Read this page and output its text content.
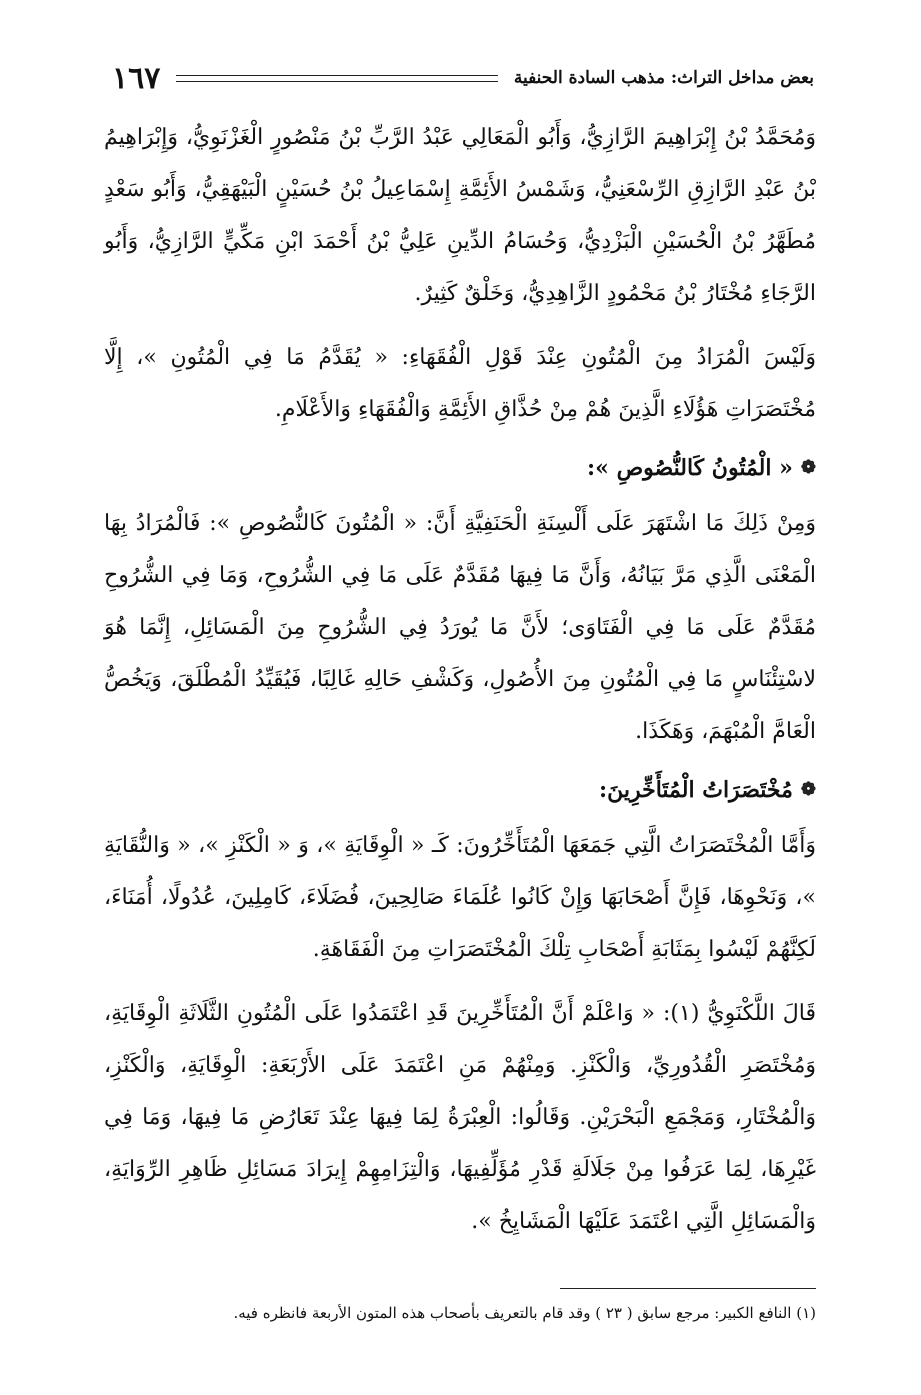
بعض مداخل التراث: مذهب السادة الحنفية
١٦٧

وَمُحَمَّدُ بْنُ إِبْرَاهِيمَ الرَّازِيُّ، وَأَبُو الْمَعَالِي عَبْدُ الرَّبِّ بْنُ مَنْصُورٍ الْغَزْنَوِيُّ، وَإِبْرَاهِيمُ بْنُ عَبْدِ الرَّازِقِ الرِّسْعَنِيُّ، وَشَمْسُ الأَئِمَّةِ إِسْمَاعِيلُ بْنُ حُسَيْنٍ الْبَيْهَقِيُّ، وَأَبُو سَعْدٍ مُطَهَّرُ بْنُ الْحُسَيْنِ الْبَزْدِيُّ، وَحُسَامُ الدِّينِ عَلِيُّ بْنُ أَحْمَدَ ابْنِ مَكِّيٍّ الرَّازِيُّ، وَأَبُو الرَّجَاءِ مُخْتَارُ بْنُ مَحْمُودٍ الزَّاهِدِيُّ، وَخَلْقٌ كَثِيرٌ.

وَلَيْسَ الْمُرَادُ مِنَ الْمُتُونِ عِنْدَ قَوْلِ الْفُقَهَاءِ: « يُقَدَّمُ مَا فِي الْمُتُونِ »، إِلَّا مُخْتَصَرَاتِ هَؤُلَاءِ الَّذِينَ هُمْ مِنْ حُذَّاقِ الأَئِمَّةِ وَالْفُقَهَاءِ وَالأَعْلَامِ.

❁
« الْمُتُونُ كَالنُّصُوصِ »:

وَمِنْ ذَلِكَ مَا اشْتَهَرَ عَلَى أَلْسِنَةِ الْحَنَفِيَّةِ أَنَّ: « الْمُتُونَ كَالنُّصُوصِ »: فَالْمُرَادُ بِهَا الْمَعْنَى الَّذِي مَرَّ بَيَانُهُ، وَأَنَّ مَا فِيهَا مُقَدَّمٌ عَلَى مَا فِي الشُّرُوحِ، وَمَا فِي الشُّرُوحِ مُقَدَّمٌ عَلَى مَا فِي الْفَتَاوَى؛ لأَنَّ مَا يُورَدُ فِي الشُّرُوحِ مِنَ الْمَسَائِلِ، إِنَّمَا هُوَ لاسْتِئْنَاسٍ مَا فِي الْمُتُونِ مِنَ الأُصُولِ، وَكَشْفِ حَالِهِ غَالِبًا، فَيُقَيِّدُ الْمُطْلَقَ، وَيَخُصُّ الْعَامَّ الْمُبْهَمَ، وَهَكَذَا.

❁
مُخْتَصَرَاتُ الْمُتَأَخِّرِينَ:

وَأَمَّا الْمُخْتَصَرَاتُ الَّتِي جَمَعَهَا الْمُتَأَخِّرُونَ: كَـ « الْوِقَايَةِ »، وَ « الْكَنْزِ »، « وَالنُّقَايَةِ »، وَنَحْوِهَا، فَإِنَّ أَصْحَابَهَا وَإِنْ كَانُوا عُلَمَاءَ صَالِحِينَ، فُضَلَاءَ، كَامِلِينَ، عُدُولًا، أُمَنَاءَ، لَكِنَّهُمْ لَيْسُوا بِمَثَابَةِ أَصْحَابِ تِلْكَ الْمُخْتَصَرَاتِ مِنَ الْفَقَاهَةِ.

قَالَ اللَّكْنَوِيُّ (١): « وَاعْلَمْ أَنَّ الْمُتَأَخِّرِينَ قَدِ اعْتَمَدُوا عَلَى الْمُتُونِ الثَّلَاثَةِ الْوِقَايَةِ، وَمُخْتَصَرِ الْقُدُورِيِّ، وَالْكَنْزِ. وَمِنْهُمْ مَنِ اعْتَمَدَ عَلَى الأَرْبَعَةِ: الْوِقَايَةِ، وَالْكَنْزِ، وَالْمُخْتَارِ، وَمَجْمَعِ الْبَحْرَيْنِ. وَقَالُوا: الْعِبْرَةُ لِمَا فِيهَا عِنْدَ تَعَارُضِ مَا فِيهَا، وَمَا فِي غَيْرِهَا، لِمَا عَرَفُوا مِنْ جَلَالَةِ قَدْرِ مُؤَلِّفِيهَا، وَالْتِزَامِهِمْ إِيرَادَ مَسَائِلِ ظَاهِرِ الرِّوَايَةِ، وَالْمَسَائِلِ الَّتِي اعْتَمَدَ عَلَيْهَا الْمَشَايِخُ ».

(١) النافع الكبير: مرجع سابق ( ٢٣ ) وقد قام بالتعريف بأصحاب هذه المتون الأربعة فانظره فيه.
